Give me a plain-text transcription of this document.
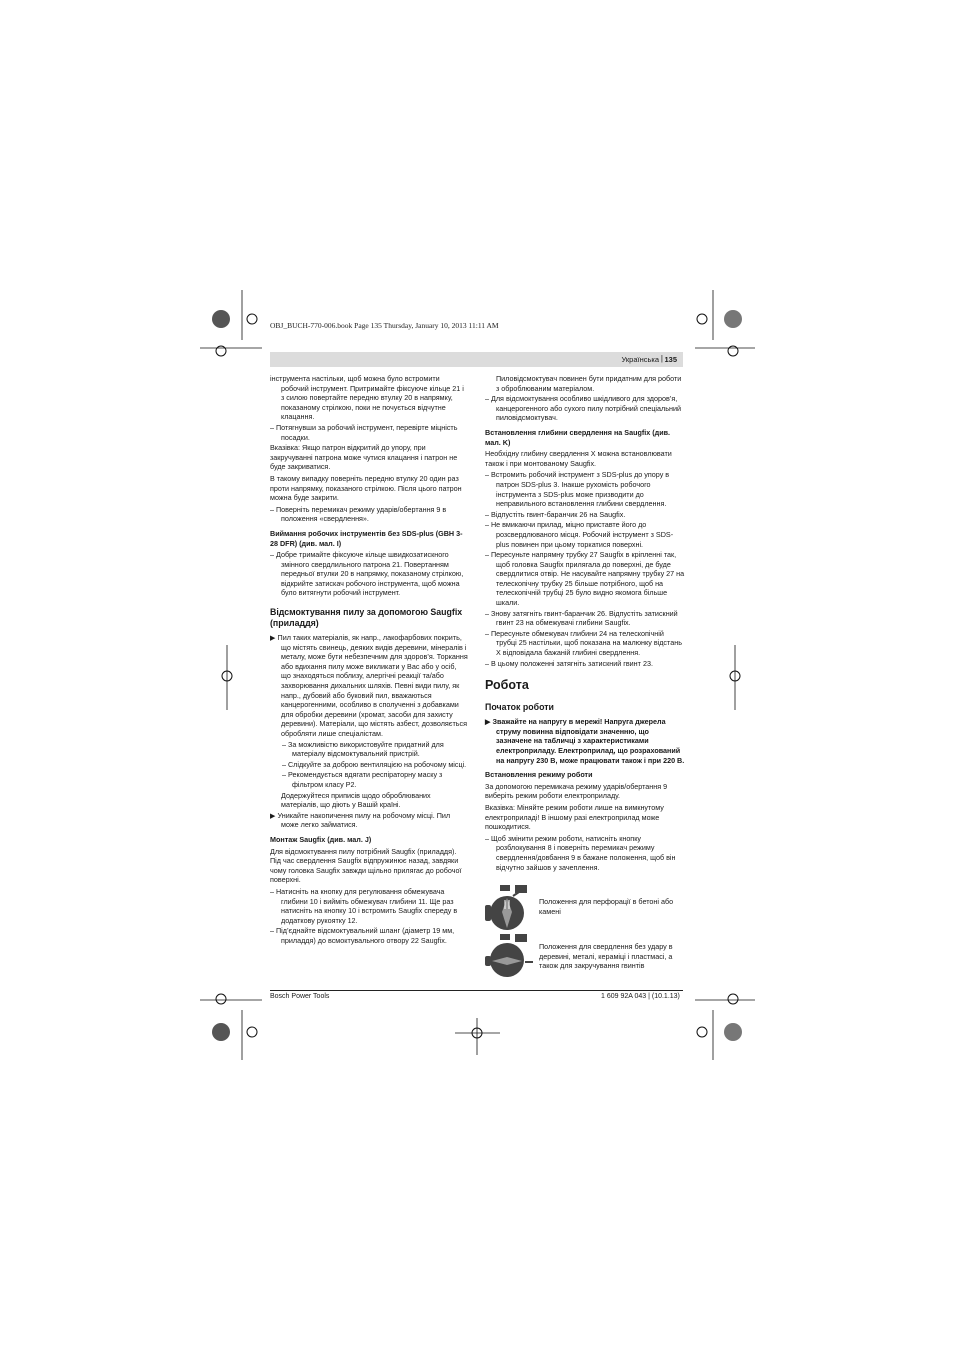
OBJ_BUCH-770-006.book Page 135 Thursday, January 10, 2013 11:11 AM
Українська | 135

інструмента настільки, щоб можна було встромити робочий інструмент. Притримайте фіксуюче кільце 21 і з силою повертайте передню втулку 20 в напрямку, показаному стрілкою, поки не почується відчутне клацання.

– Потягнувши за робочий інструмент, перевірте міцність посадки.

Вказівка: Якщо патрон відкритий до упору, при закручуванні патрона може чутися клацання і патрон не буде закриватися.

В такому випадку поверніть передню втулку 20 один раз проти напрямку, показаного стрілкою. Після цього патрон можна буде закрити.

– Поверніть перемикач режиму ударів/обертання 9 в положення «свердлення».

Виймання робочих інструментів без SDS-plus (GBH 3-28 DFR) (див. мал. I)

– Добре тримайте фіксуюче кільце швидкозатискного змінного свердлильного патрона 21. Повертанням передньої втулки 20 в напрямку, показаному стрілкою, відкрийте затискач робочого інструмента, щоб можна було витягнути робочий інструмент.

Відсмоктування пилу за допомогою Saugfix (приладдя)

▶ Пил таких матеріалів, як напр., лакофарбових покрить, що містять свинець, деяких видів деревини, мінералів і металу, може бути небезпечним для здоров’я. Торкання або вдихання пилу може викликати у Вас або у осіб, що знаходяться поблизу, алергічні реакції та/або захворювання дихальних шляхів. Певні види пилу, як напр., дубовий або буковий пил, вважаються канцерогенними, особливо в сполученні з добавками для обробки деревини (хромат, засоби для захисту деревини). Матеріали, що містять азбест, дозволяється обробляти лише спеціалістам.

– За можливістю використовуйте придатний для матеріалу відсмоктувальний пристрій.

– Слідкуйте за доброю вентиляцією на робочому місці.

– Рекомендується вдягати респіраторну маску з фільтром класу P2.

Додержуйтеся приписів щодо оброблюваних матеріалів, що діють у Вашій країні.

▶ Уникайте накопичення пилу на робочому місці. Пил може легко займатися.

Монтаж Saugfix (див. мал. J)

Для відсмоктування пилу потрібний Saugfix (приладдя). Під час свердлення Saugfix відпружинює назад, завдяки чому головка Saugfix завжди щільно прилягає до робочої поверхні.

– Натисніть на кнопку для регулювання обмежувача глибини 10 і вийміть обмежувач глибини 11. Ще раз натисніть на кнопку 10 і встромить Saugfix спереду в додаткову рукоятку 12.

– Під’єднайте відсмоктувальний шланг (діаметр 19 мм, приладдя) до всмоктувального отвору 22 Saugfix.

Пиловідсмоктувач повинен бути придатним для роботи з оброблюваним матеріалом.

– Для відсмоктування особливо шкідливого для здоров’я, канцерогенного або сухого пилу потрібний спеціальний пиловідсмоктувач.

Встановлення глибини свердлення на Saugfix (див. мал. K)

Необхідну глибину свердлення X можна встановлювати також і при монтованому Saugfix.

– Встромить робочий інструмент з SDS-plus до упору в патрон SDS-plus 3. Інакше рухомість робочого інструмента з SDS-plus може призводити до неправильного встановлення глибини свердлення.

– Відпустіть гвинт-баранчик 26 на Saugfix.

– Не вмикаючи прилад, міцно приставте його до розсвердлюваного місця. Робочий інструмент з SDS-plus повинен при цьому торкатися поверхні.

– Пересуньте напрямну трубку 27 Saugfix в кріпленні так, щоб головка Saugfix прилягала до поверхні, де буде свердлитися отвір. Не насувайте напрямну трубку 27 на телескопічну трубку 25 більше потрібного, щоб на телескопічній трубці 25 було видно якомога більше шкали.

– Знову затягніть гвинт-баранчик 26. Відпустіть затискний гвинт 23 на обмежувачі глибини Saugfix.

– Пересуньте обмежувач глибини 24 на телескопічній трубці 25 настільки, щоб показана на малюнку відстань X відповідала бажаній глибині свердлення.

– В цьому положенні затягніть затискний гвинт 23.

Робота

Початок роботи

▶ Зважайте на напругу в мережі! Напруга джерела струму повинна відповідати значенню, що зазначене на табличці з характеристиками електроприладу. Електроприлад, що розрахований на напругу 230 В, може працювати також і при 220 В.

Встановлення режиму роботи

За допомогою перемикача режиму ударів/обертання 9 виберіть режим роботи електроприладу.

Вказівка: Міняйте режим роботи лише на вимкнутому електроприладі! В іншому разі електроприлад може пошкодитися.

– Щоб змінити режим роботи, натисніть кнопку розблокування 8 і поверніть перемикач режиму свердлення/довбання 9 в бажане положення, щоб він відчутно зайшов у зачеплення.

Положення для перфорації в бетоні або камені
Положення для свердлення без удару в деревині, металі, кераміці і пластмасі, а також для закручування гвинтів
Bosch Power Tools	1 609 92A 043 | (10.1.13)
